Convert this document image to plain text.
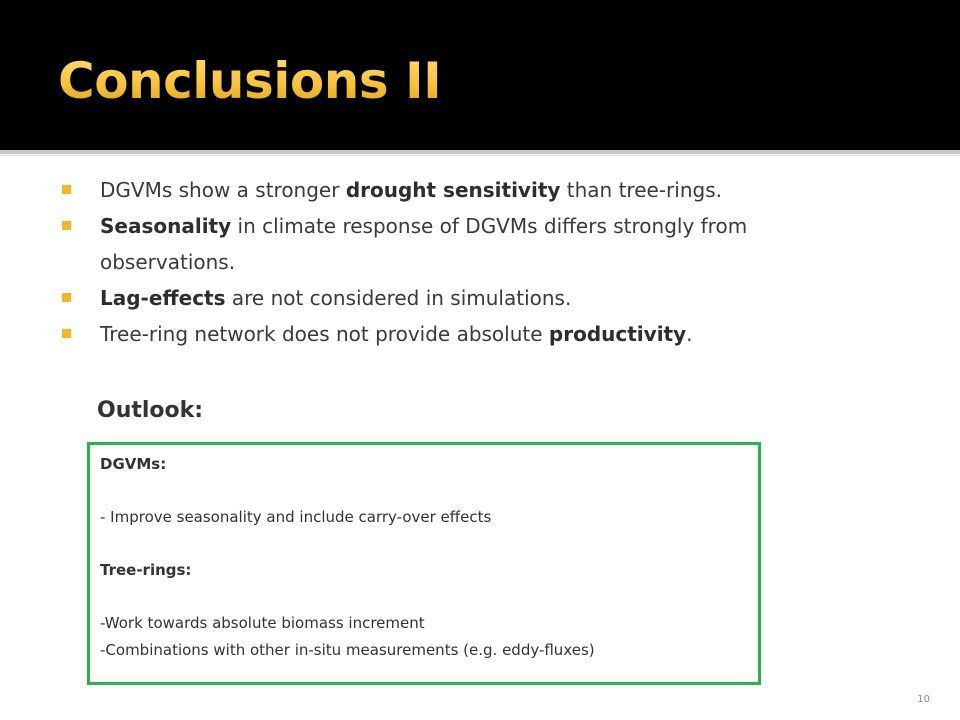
Conclusions II
DGVMs show a stronger drought sensitivity than tree-rings.
Seasonality in climate response of DGVMs differs strongly from
observations.
Lag-effects are not considered in simulations.
Tree-ring network does not provide absolute productivity.
Outlook:
DGVMs:
- Improve seasonality and include carry-over effects
Tree-rings:
-Work towards absolute biomass increment
-Combinations with other in-situ measurements (e.g. eddy-fluxes)
10
